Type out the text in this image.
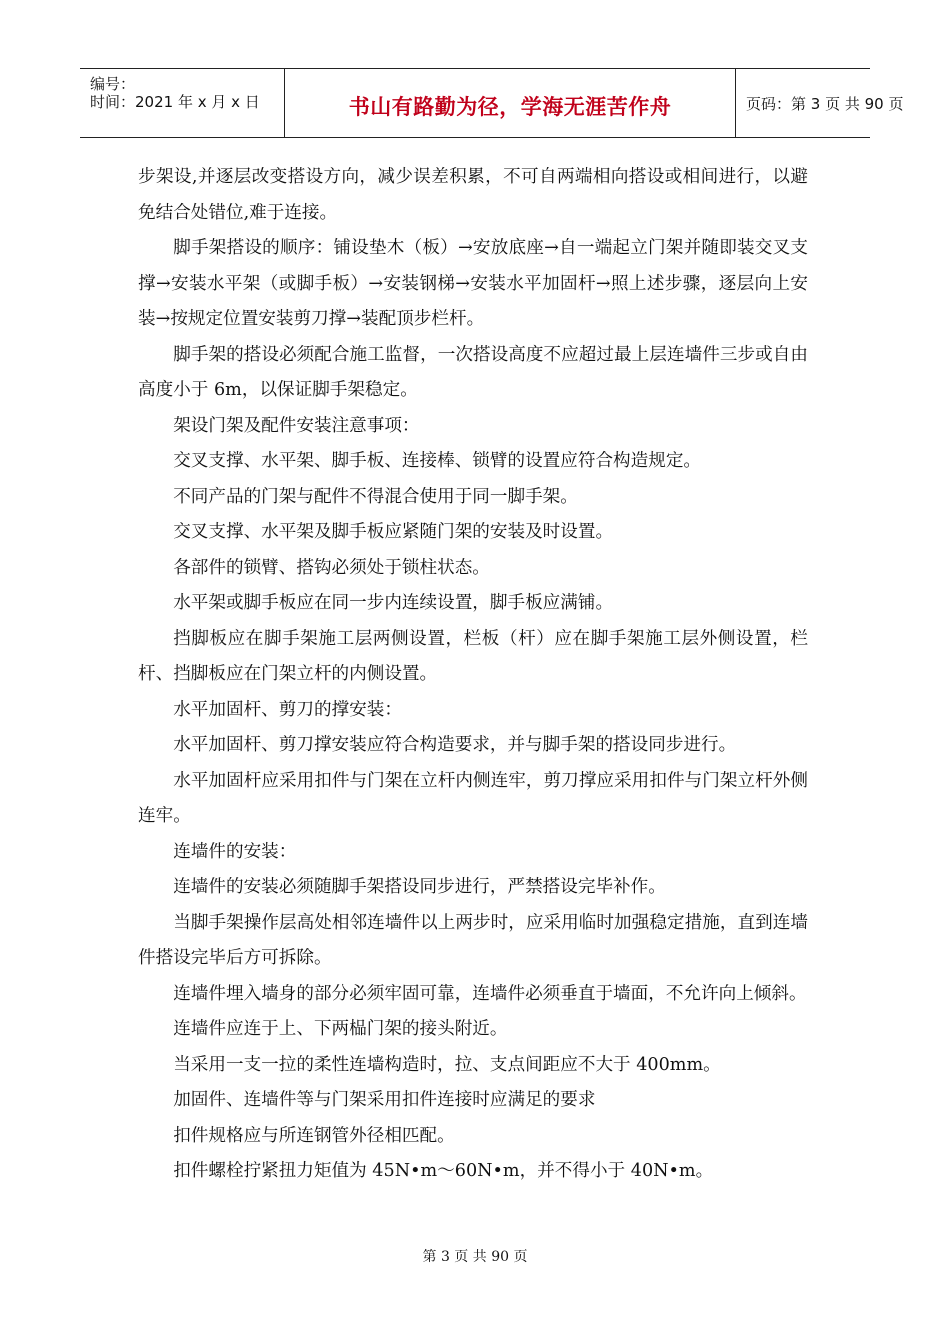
编号：
时间：2021 年 x 月 x 日	书山有路勤为径，学海无涯苦作舟	页码：第 3 页 共 90 页

步架设,并逐层改变搭设方向，减少误差积累，不可自两端相向搭设或相间进行，以避免结合处错位,难于连接。

脚手架搭设的顺序：铺设垫木（板）→安放底座→自一端起立门架并随即装交叉支撑→安装水平架（或脚手板）→安装钢梯→安装水平加固杆→照上述步骤，逐层向上安装→按规定位置安装剪刀撑→装配顶步栏杆。

脚手架的搭设必须配合施工监督，一次搭设高度不应超过最上层连墙件三步或自由高度小于 6m，以保证脚手架稳定。

架设门架及配件安装注意事项：

交叉支撑、水平架、脚手板、连接棒、锁臂的设置应符合构造规定。

不同产品的门架与配件不得混合使用于同一脚手架。

交叉支撑、水平架及脚手板应紧随门架的安装及时设置。

各部件的锁臂、搭钩必须处于锁柱状态。

水平架或脚手板应在同一步内连续设置，脚手板应满铺。

挡脚板应在脚手架施工层两侧设置，栏板（杆）应在脚手架施工层外侧设置，栏杆、挡脚板应在门架立杆的内侧设置。

水平加固杆、剪刀的撑安装：

水平加固杆、剪刀撑安装应符合构造要求，并与脚手架的搭设同步进行。

水平加固杆应采用扣件与门架在立杆内侧连牢，剪刀撑应采用扣件与门架立杆外侧连牢。

连墙件的安装：

连墙件的安装必须随脚手架搭设同步进行，严禁搭设完毕补作。

当脚手架操作层高处相邻连墙件以上两步时，应采用临时加强稳定措施，直到连墙件搭设完毕后方可拆除。

连墙件埋入墙身的部分必须牢固可靠，连墙件必须垂直于墙面，不允许向上倾斜。

连墙件应连于上、下两榀门架的接头附近。

当采用一支一拉的柔性连墙构造时，拉、支点间距应不大于 400mm。

加固件、连墙件等与门架采用扣件连接时应满足的要求

扣件规格应与所连钢管外径相匹配。

扣件螺栓拧紧扭力矩值为 45N•m～60N•m，并不得小于 40N•m。

第 3 页 共 90 页
